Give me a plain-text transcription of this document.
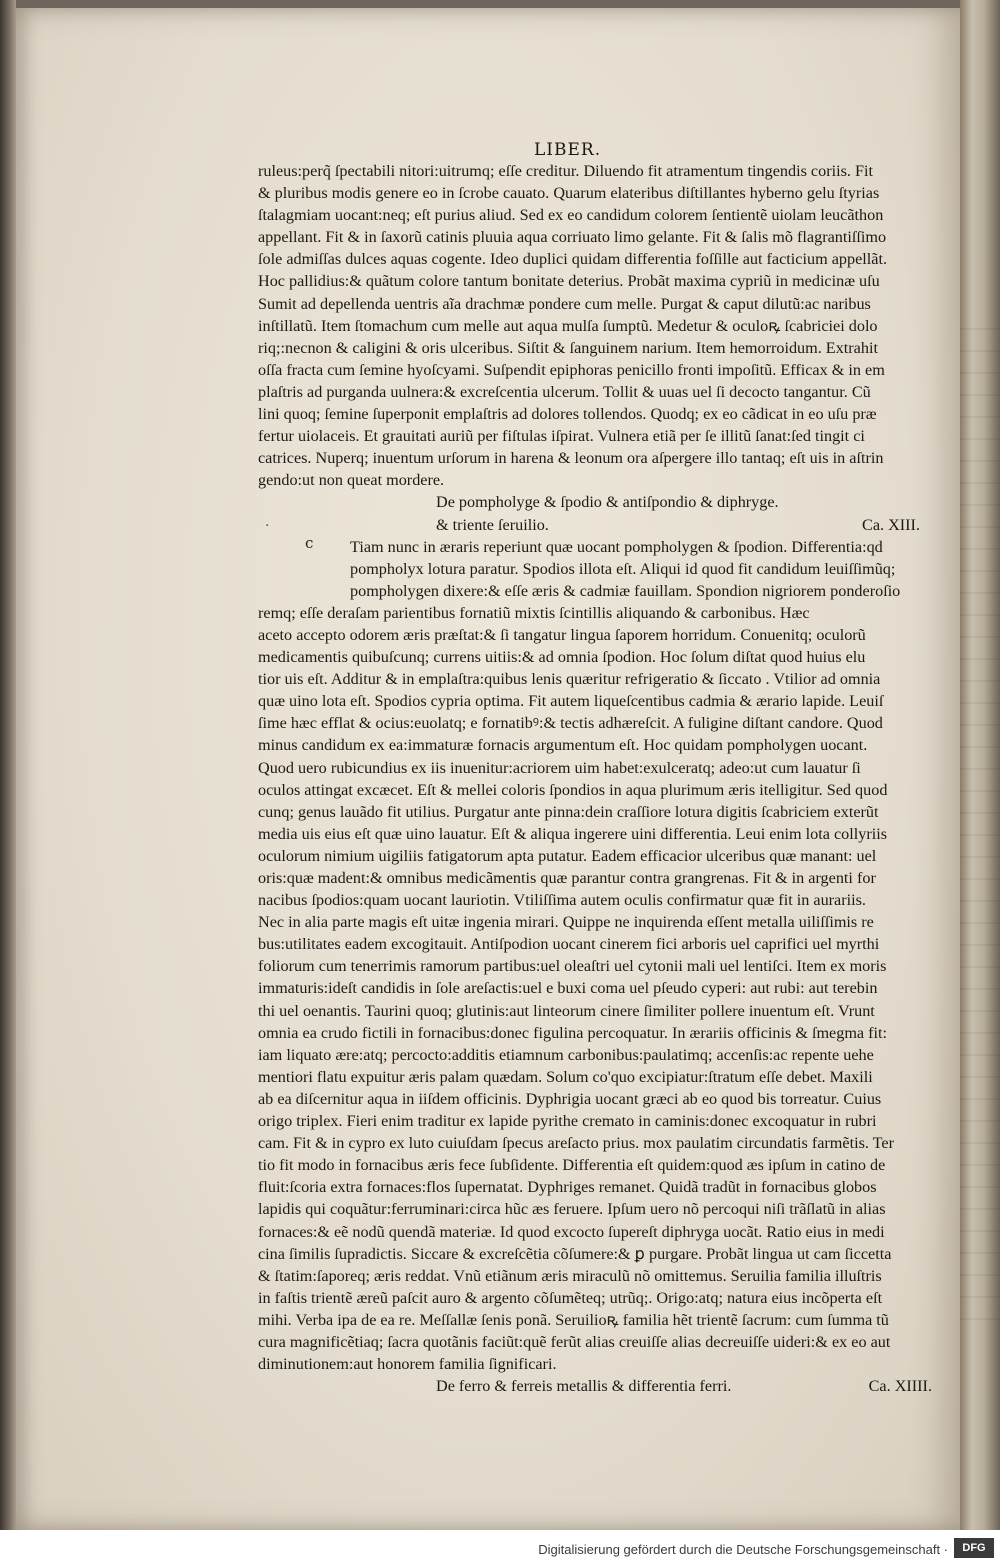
LIBER.
.
c
ruleus:perq̃ ſpectabili nitori:uitrumq; eſſe creditur. Diluendo fit atramentum tingendis coriis. Fit
& pluribus modis genere eo in ſcrobe cauato. Quarum elateribus diſtillantes hyberno gelu ſtyrias
ſtalagmiam uocant:neq; eſt purius aliud. Sed ex eo candidum colorem ſentientẽ uiolam leucãthon
appellant. Fit & in ſaxorũ catinis pluuia aqua corriuato limo gelante. Fit & ſalis mõ flagrantiſſimo
ſole admiſſas dulces aquas cogente. Ideo duplici quidam differentia foſſille aut facticium appellãt.
Hoc pallidius:& quãtum colore tantum bonitate deterius. Probãt maxima cypriũ in medicinæ uſu
Sumit ad depellenda uentris aĩa drachmæ pondere cum melle. Purgat & caput dilutũ:ac naribus
inſtillatũ. Item ſtomachum cum melle aut aqua mulſa ſumptũ. Medetur & oculoꝶ ſcabriciei dolo
riq;:necnon & caligini & oris ulceribus. Siſtit & ſanguinem narium. Item hemorroidum. Extrahit
oſſa fracta cum ſemine hyoſcyami. Suſpendit epiphoras penicillo fronti impoſitũ. Efficax & in em
plaſtris ad purganda uulnera:& excreſcentia ulcerum. Tollit & uuas uel ſi decocto tangantur. Cũ
lini quoq; ſemine ſuperponit emplaſtris ad dolores tollendos. Quodq; ex eo cãdicat in eo uſu præ
fertur uiolaceis. Et grauitati auriũ per fiſtulas iſpirat. Vulnera etiã per ſe illitũ ſanat:ſed tingit ci
catrices. Nuperq; inuentum urſorum in harena & leonum ora aſpergere illo tantaq; eſt uis in aſtrin
gendo:ut non queat mordere.
De pompholyge & ſpodio & antiſpondio & diphryge.
Ca. XIII.
& triente ſeruilio.
Tiam nunc in æraris reperiunt quæ uocant pompholygen & ſpodion. Differentia:qd
pompholyx lotura paratur. Spodios illota eſt. Aliqui id quod fit candidum leuiſſimũq;
pompholygen dixere:& eſſe æris & cadmiæ fauillam. Spondion nigriorem ponderoſio
remq; eſſe deraſam parientibus fornatiũ mixtis ſcintillis aliquando & carbonibus. Hæc
aceto accepto odorem æris præſtat:& ſi tangatur lingua ſaporem horridum. Conuenitq; oculorũ
medicamentis quibuſcunq; currens uitiis:& ad omnia ſpodion. Hoc ſolum diſtat quod huius elu
tior uis eſt. Additur & in emplaſtra:quibus lenis quæritur refrigeratio & ſiccato . Vtilior ad omnia
quæ uino lota eſt. Spodios cypria optima. Fit autem liqueſcentibus cadmia & ærario lapide. Leuiſ
ſime hæc efflat & ocius:euolatq; e fornatibꝰ:& tectis adhæreſcit. A fuligine diſtant candore. Quod
minus candidum ex ea:immaturæ fornacis argumentum eſt. Hoc quidam pompholygen uocant.
Quod uero rubicundius ex iis inuenitur:acriorem uim habet:exulceratq; adeo:ut cum lauatur ſi
oculos attingat excæcet. Eſt & mellei coloris ſpondios in aqua plurimum æris itelligitur. Sed quod
cunq; genus lauãdo fit utilius. Purgatur ante pinna:dein craſſiore lotura digitis ſcabriciem exterũt
media uis eius eſt quæ uino lauatur. Eſt & aliqua ingerere uini differentia. Leui enim lota collyriis
oculorum nimium uigiliis fatigatorum apta putatur. Eadem efficacior ulceribus quæ manant: uel
oris:quæ madent:& omnibus medicãmentis quæ parantur contra grangrenas. Fit & in argenti for
nacibus ſpodios:quam uocant lauriotin. Vtiliſſima autem oculis confirmatur quæ fit in aurariis.
Nec in alia parte magis eſt uitæ ingenia mirari. Quippe ne inquirenda eſſent metalla uiliſſimis re
bus:utilitates eadem excogitauit. Antiſpodion uocant cinerem fici arboris uel caprifici uel myrthi
foliorum cum tenerrimis ramorum partibus:uel oleaſtri uel cytonii mali uel lentiſci. Item ex moris
immaturis:ideſt candidis in ſole areſactis:uel e buxi coma uel pſeudo cyperi: aut rubi: aut terebin
thi uel oenantis. Taurini quoq; glutinis:aut linteorum cinere ſimiliter pollere inuentum eſt. Vrunt
omnia ea crudo fictili in fornacibus:donec figulina percoquatur. In ærariis officinis & ſmegma fit:
iam liquato ære:atq; percocto:additis etiamnum carbonibus:paulatimq; accenſis:ac repente uehe
mentiori flatu expuitur æris palam quædam. Solum co'quo excipiatur:ſtratum eſſe debet. Maxili
ab ea diſcernitur aqua in iiſdem officinis. Dyphrigia uocant græci ab eo quod bis torreatur. Cuius
origo triplex. Fieri enim traditur ex lapide pyrithe cremato in caminis:donec excoquatur in rubri
cam. Fit & in cypro ex luto cuiuſdam ſpecus areſacto prius. mox paulatim circundatis farmẽtis. Ter
tio fit modo in fornacibus æris fece ſubſidente. Differentia eſt quidem:quod æs ipſum in catino de
fluit:ſcoria extra fornaces:flos ſupernatat. Dyphriges remanet. Quidã tradũt in fornacibus globos
lapidis qui coquãtur:ferruminari:circa hũc æs feruere. Ipſum uero nõ percoqui niſi trãſlatũ in alias
fornaces:& eẽ nodũ quendã materiæ. Id quod excocto ſupereſt diphryga uocãt. Ratio eius in medi
cina ſimilis ſupradictis. Siccare & excreſcẽtia cõſumere:& ꝑ purgare. Probãt lingua ut cam ſiccetta
& ſtatim:ſaporeq; æris reddat. Vnũ etiãnum æris miraculũ nõ omittemus. Seruilia familia illuſtris
in faſtis trientẽ æreũ paſcit auro & argento cõſumẽteq; utrũq;. Origo:atq; natura eius incõperta eſt
mihi. Verba ipa de ea re. Meſſallæ ſenis ponã. Seruilioꝶ familia hẽt trientẽ ſacrum: cum ſumma tũ
cura magnificẽtiaq; ſacra quotãnis faciũt:quẽ ferũt alias creuiſſe alias decreuiſſe uideri:& ex eo aut
diminutionem:aut honorem familia ſignificari.
Ca. XIIII.
De ferro & ferreis metallis & differentia ferri.
Digitalisierung gefördert durch die Deutsche Forschungsgemeinschaft ·	DFG
